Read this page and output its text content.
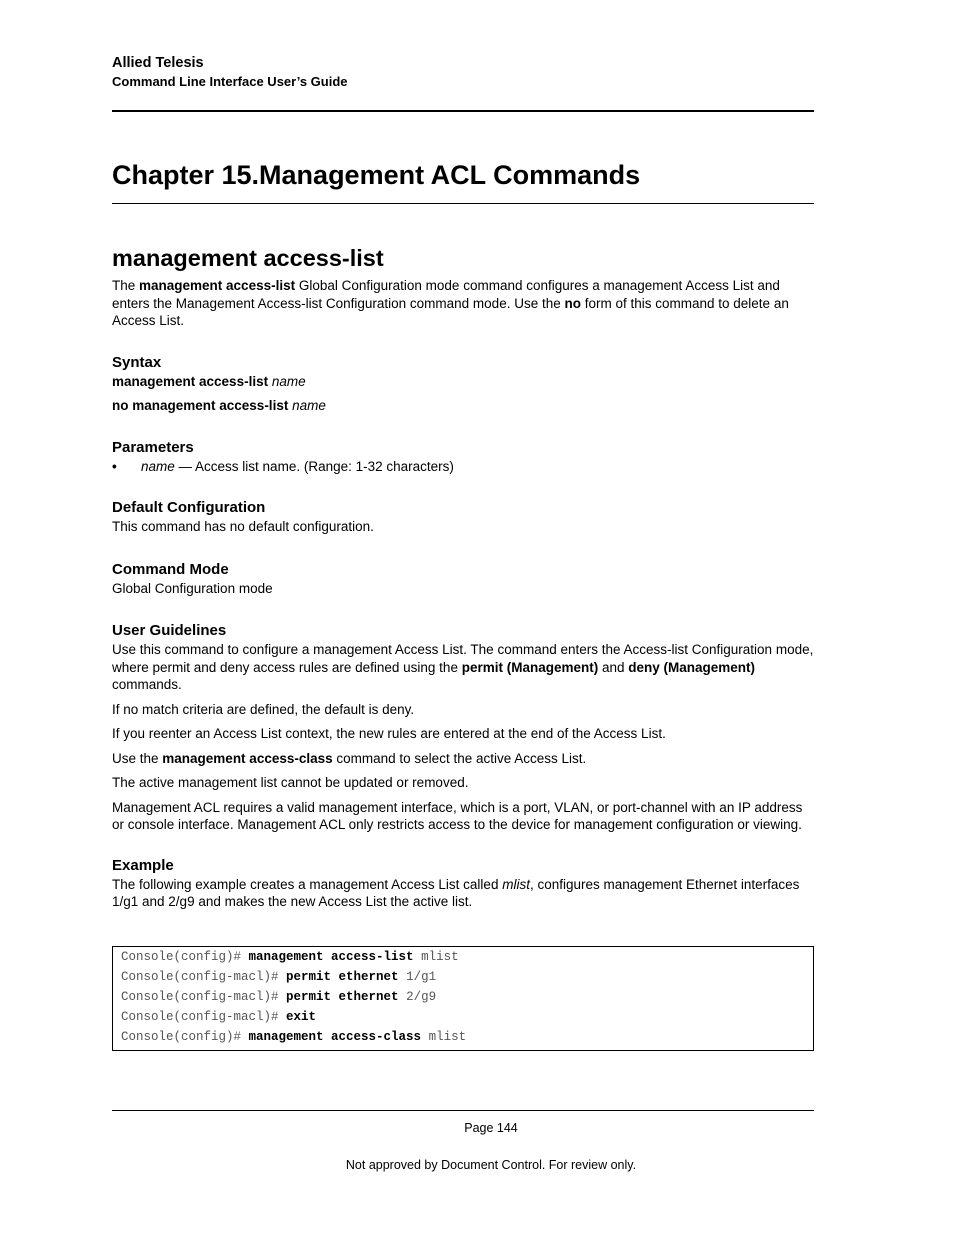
Allied Telesis
Command Line Interface User’s Guide
Chapter 15.Management ACL Commands
management access-list

The management access-list Global Configuration mode command configures a management Access List and enters the Management Access-list Configuration command mode. Use the no form of this command to delete an Access List.

Syntax

management access-list name

no management access-list name

Parameters

• name — Access list name. (Range: 1-32 characters)

Default Configuration

This command has no default configuration.

Command Mode

Global Configuration mode

User Guidelines

Use this command to configure a management Access List. The command enters the Access-list Configuration mode, where permit and deny access rules are defined using the permit (Management) and deny (Management) commands.

If no match criteria are defined, the default is deny.

If you reenter an Access List context, the new rules are entered at the end of the Access List.

Use the management access-class command to select the active Access List.

The active management list cannot be updated or removed.

Management ACL requires a valid management interface, which is a port, VLAN, or port-channel with an IP address or console interface. Management ACL only restricts access to the device for management configuration or viewing.

Example

The following example creates a management Access List called mlist, configures management Ethernet interfaces 1/g1 and 2/g9 and makes the new Access List the active list.

Console(config)# management access-list mlist
Console(config-macl)# permit ethernet 1/g1
Console(config-macl)# permit ethernet 2/g9
Console(config-macl)# exit
Console(config)# management access-class mlist
Page 144
Not approved by Document Control. For review only.
